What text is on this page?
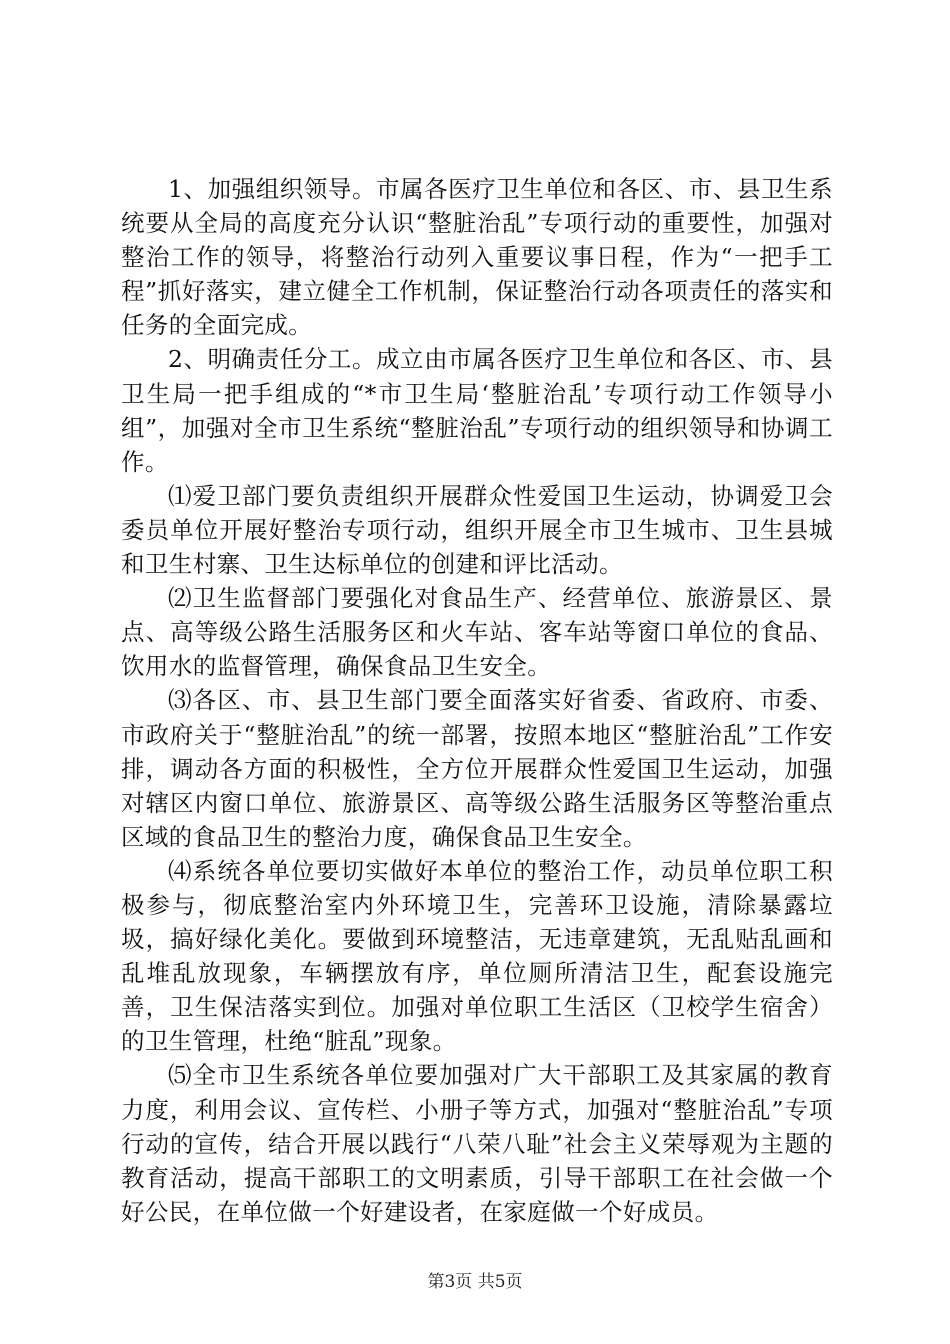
1、加强组织领导。市属各医疗卫生单位和各区、市、县卫生系统要从全局的高度充分认识“整脏治乱”专项行动的重要性，加强对整治工作的领导，将整治行动列入重要议事日程，作为“一把手工程”抓好落实，建立健全工作机制，保证整治行动各项责任的落实和任务的全面完成。

2、明确责任分工。成立由市属各医疗卫生单位和各区、市、县卫生局一把手组成的“*市卫生局‘整脏治乱’专项行动工作领导小组”，加强对全市卫生系统“整脏治乱”专项行动的组织领导和协调工作。

⑴爱卫部门要负责组织开展群众性爱国卫生运动，协调爱卫会委员单位开展好整治专项行动，组织开展全市卫生城市、卫生县城和卫生村寨、卫生达标单位的创建和评比活动。

⑵卫生监督部门要强化对食品生产、经营单位、旅游景区、景点、高等级公路生活服务区和火车站、客车站等窗口单位的食品、饮用水的监督管理，确保食品卫生安全。

⑶各区、市、县卫生部门要全面落实好省委、省政府、市委、市政府关于“整脏治乱”的统一部署，按照本地区“整脏治乱”工作安排，调动各方面的积极性，全方位开展群众性爱国卫生运动，加强对辖区内窗口单位、旅游景区、高等级公路生活服务区等整治重点区域的食品卫生的整治力度，确保食品卫生安全。

⑷系统各单位要切实做好本单位的整治工作，动员单位职工积极参与，彻底整治室内外环境卫生，完善环卫设施，清除暴露垃圾，搞好绿化美化。要做到环境整洁，无违章建筑，无乱贴乱画和乱堆乱放现象，车辆摆放有序，单位厕所清洁卫生，配套设施完善，卫生保洁落实到位。加强对单位职工生活区（卫校学生宿舍）的卫生管理，杜绝“脏乱”现象。

⑸全市卫生系统各单位要加强对广大干部职工及其家属的教育力度，利用会议、宣传栏、小册子等方式，加强对“整脏治乱”专项行动的宣传，结合开展以践行“八荣八耻”社会主义荣辱观为主题的教育活动，提高干部职工的文明素质，引导干部职工在社会做一个好公民，在单位做一个好建设者，在家庭做一个好成员。

第3页 共5页
